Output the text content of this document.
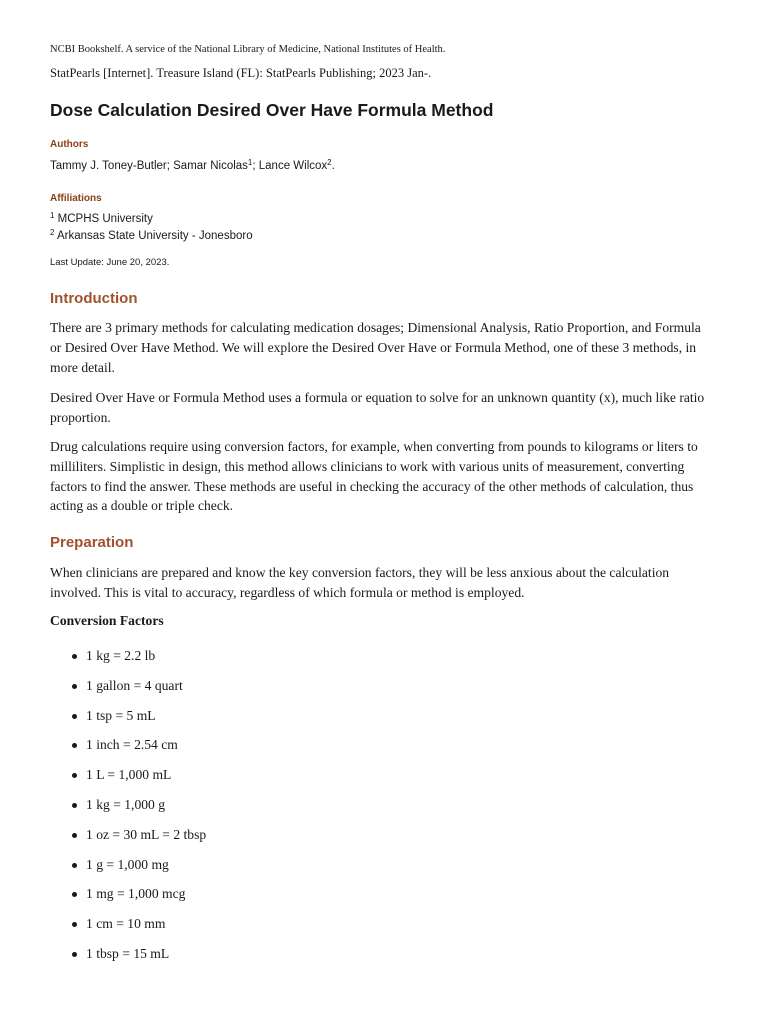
NCBI Bookshelf. A service of the National Library of Medicine, National Institutes of Health.
StatPearls [Internet]. Treasure Island (FL): StatPearls Publishing; 2023 Jan-.
Dose Calculation Desired Over Have Formula Method
Authors
Tammy J. Toney-Butler; Samar Nicolas$^1$; Lance Wilcox$^2$.
Affiliations
$^1$ MCPHS University
$^2$ Arkansas State University - Jonesboro
Last Update: June 20, 2023.
Introduction

There are 3 primary methods for calculating medication dosages; Dimensional Analysis, Ratio Proportion, and Formula or Desired Over Have Method. We will explore the Desired Over Have or Formula Method, one of these 3 methods, in more detail.

Desired Over Have or Formula Method uses a formula or equation to solve for an unknown quantity (x), much like ratio proportion.

Drug calculations require using conversion factors, for example, when converting from pounds to kilograms or liters to milliliters. Simplistic in design, this method allows clinicians to work with various units of measurement, converting factors to find the answer. These methods are useful in checking the accuracy of the other methods of calculation, thus acting as a double or triple check.

Preparation

When clinicians are prepared and know the key conversion factors, they will be less anxious about the calculation involved. This is vital to accuracy, regardless of which formula or method is employed.

Conversion Factors
1 kg = 2.2 lb
1 gallon = 4 quart
1 tsp = 5 mL
1 inch = 2.54 cm
1 L = 1,000 mL
1 kg = 1,000 g
1 oz = 30 mL = 2 tbsp
1 g = 1,000 mg
1 mg = 1,000 mcg
1 cm = 10 mm
1 tbsp = 15 mL
